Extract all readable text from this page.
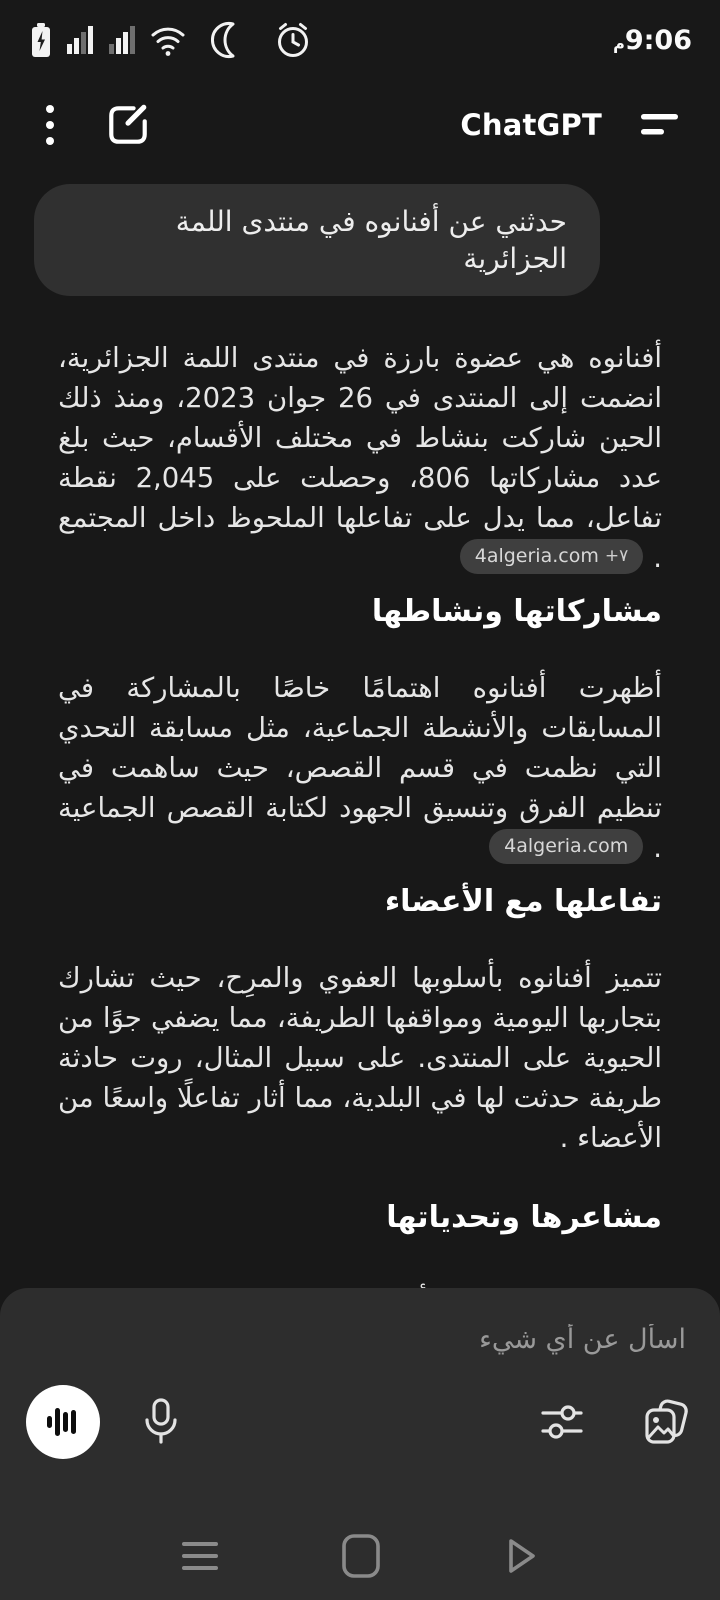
9:06
م
ChatGPT
حدثني عن أفنانوه في منتدى اللمة الجزائرية

أفنانوه هي عضوة بارزة في منتدى اللمة الجزائرية، انضمت إلى المنتدى في 26 جوان 2023، ومنذ ذلك الحين شاركت بنشاط في مختلف الأقسام، حيث بلغ عدد مشاركاتها 806، وحصلت على 2,045 نقطة تفاعل، مما يدل على تفاعلها الملحوظ داخل المجتمع .
4algeria.com +٧

مشاركاتها ونشاطها

أظهرت أفنانوه اهتمامًا خاصًا بالمشاركة في المسابقات والأنشطة الجماعية، مثل مسابقة التحدي التي نظمت في قسم القصص، حيث ساهمت في تنظيم الفرق وتنسيق الجهود لكتابة القصص الجماعية .
4algeria.com

تفاعلها مع الأعضاء

تتميز أفنانوه بأسلوبها العفوي والمرِح، حيث تشارك بتجاربها اليومية ومواقفها الطريفة، مما يضفي جوًا من الحيوية على المنتدى. على سبيل المثال، روت حادثة طريفة حدثت لها في البلدية، مما أثار تفاعلًا واسعًا من الأعضاء .

مشاعرها وتحدياتها

اسأل عن أي شيء
